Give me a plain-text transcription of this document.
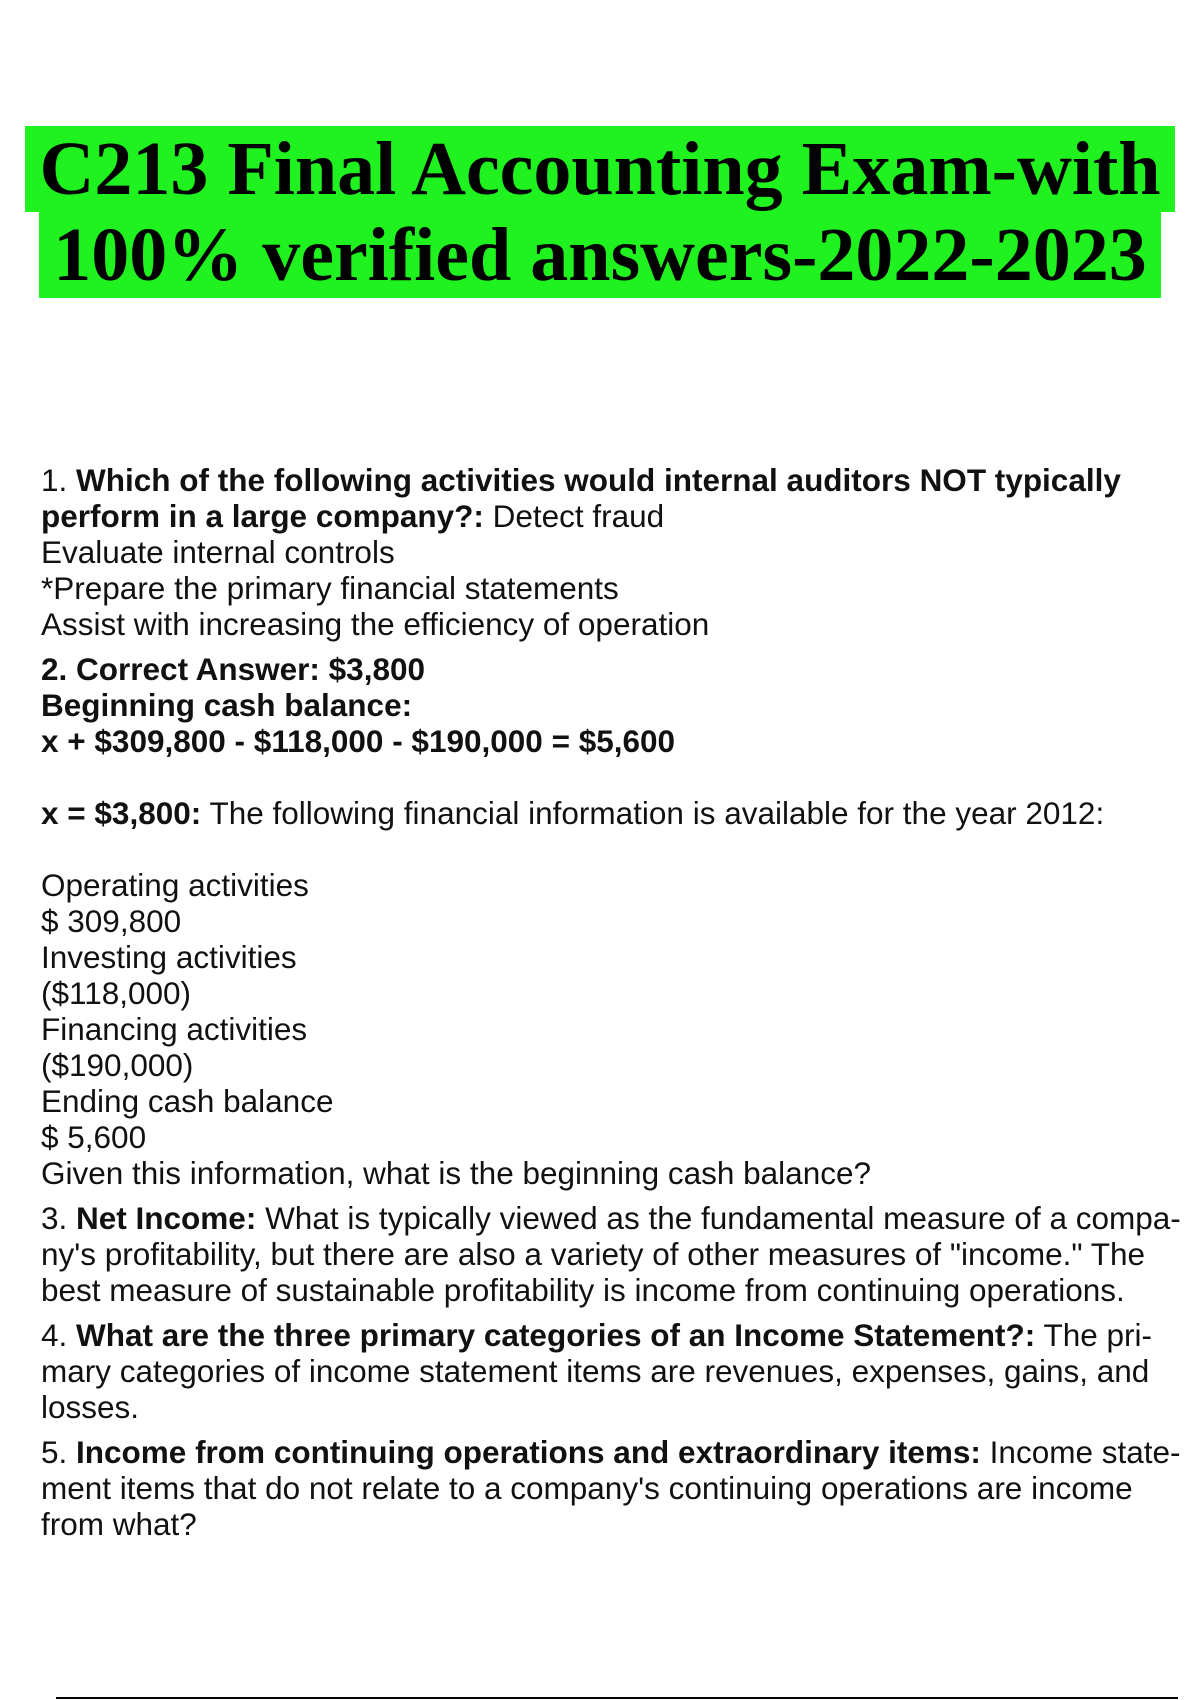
C213 Final Accounting Exam-with
100% verified answers-2022-2023
1. Which of the following activities would internal auditors NOT typically perform in a large company?: Detect fraud
Evaluate internal controls
*Prepare the primary financial statements
Assist with increasing the efficiency of operation
2. Correct Answer: $3,800
Beginning cash balance:
x + $309,800 - $118,000 - $190,000 = $5,600
x = $3,800: The following financial information is available for the year 2012:
Operating activities
$ 309,800
Investing activities
($118,000)
Financing activities
($190,000)
Ending cash balance
$ 5,600
Given this information, what is the beginning cash balance?
3. Net Income: What is typically viewed as the fundamental measure of a compa-
ny's profitability, but there are also a variety of other measures of "income." The
best measure of sustainable profitability is income from continuing operations.
4. What are the three primary categories of an Income Statement?: The pri-
mary categories of income statement items are revenues, expenses, gains, and
losses.
5. Income from continuing operations and extraordinary items: Income state-
ment items that do not relate to a company's continuing operations are income
from what?
